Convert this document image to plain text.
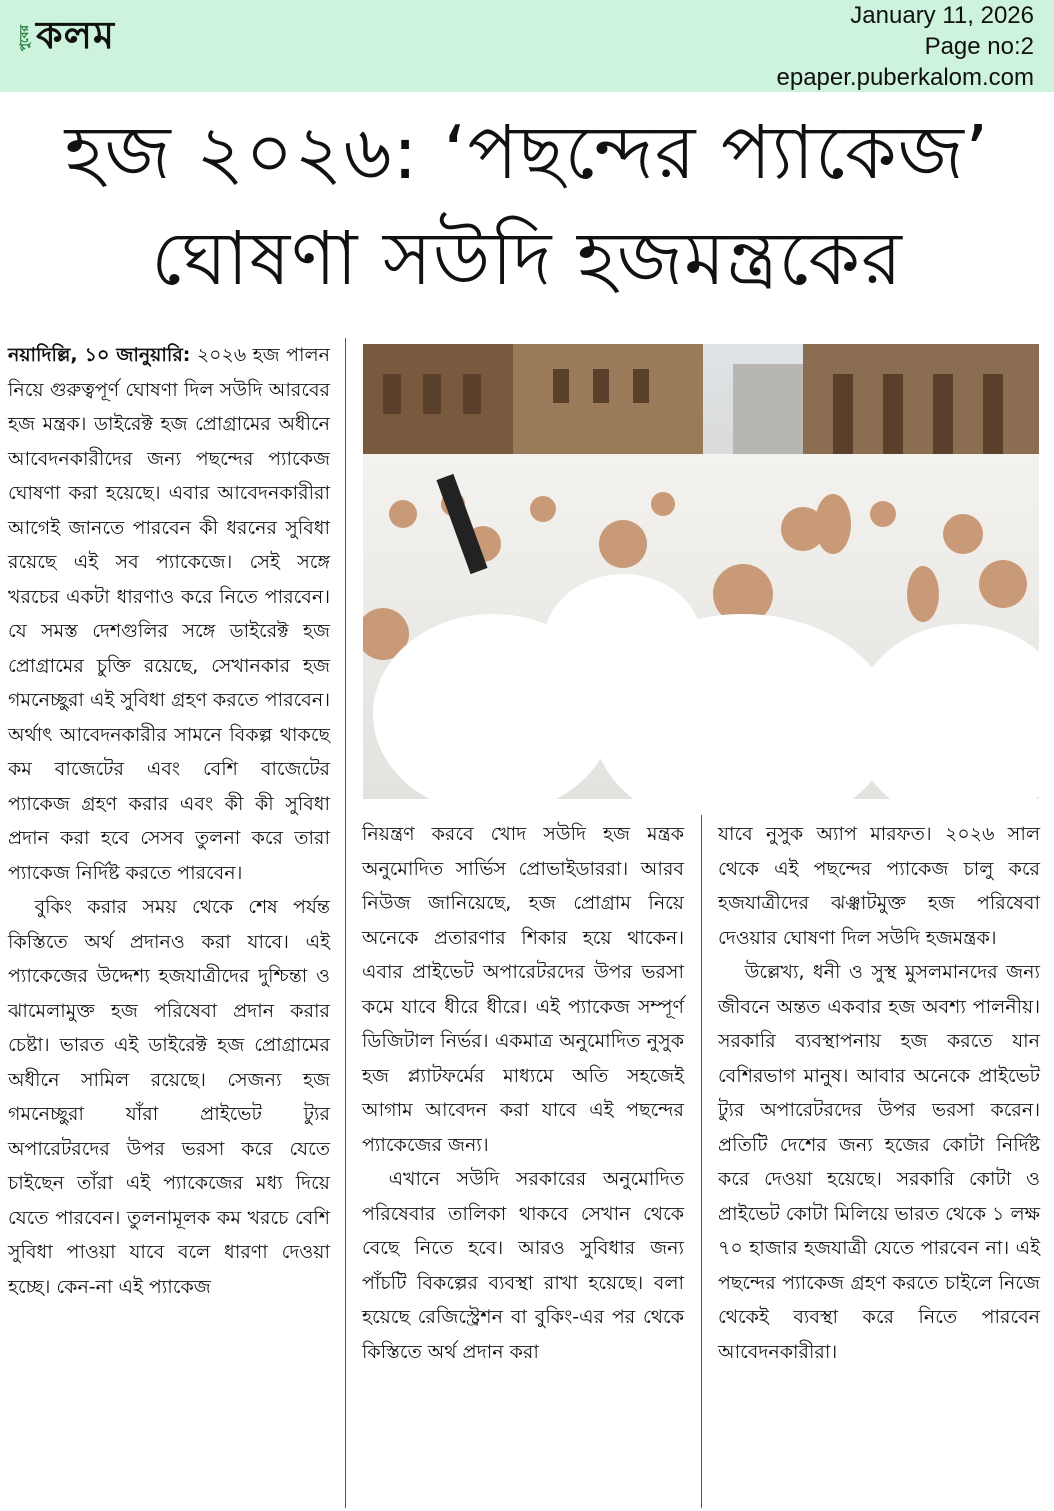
পুবের কলম	January 11, 2026
Page no:2
epaper.puberkalom.com
হজ ২০২৬: ‘পছন্দের প্যাকেজ’
ঘোষণা সউদি হজমন্ত্রকের

নয়াদিল্লি, ১০ জানুয়ারি: ২০২৬ হজ পালন নিয়ে গুরুত্বপূর্ণ ঘোষণা দিল সউদি আরবের হজ মন্ত্রক। ডাইরেক্ট হজ প্রোগ্রামের অধীনে আবেদনকারীদের জন্য পছন্দের প্যাকেজ ঘোষণা করা হয়েছে। এবার আবেদনকারীরা আগেই জানতে পারবেন কী ধরনের সুবিধা রয়েছে এই সব প্যাকেজে। সেই সঙ্গে খরচের একটা ধারণাও করে নিতে পারবেন। যে সমস্ত দেশগুলির সঙ্গে ডাইরেক্ট হজ প্রোগ্রামের চুক্তি রয়েছে, সেখানকার হজ গমনেচ্ছুরা এই সুবিধা গ্রহণ করতে পারবেন। অর্থাৎ আবেদনকারীর সামনে বিকল্প থাকছে কম বাজেটের এবং বেশি বাজেটের প্যাকেজ গ্রহণ করার এবং কী কী সুবিধা প্রদান করা হবে সেসব তুলনা করে তারা প্যাকেজ নির্দিষ্ট করতে পারবেন।

বুকিং করার সময় থেকে শেষ পর্যন্ত কিস্তিতে অর্থ প্রদানও করা যাবে। এই প্যাকেজের উদ্দেশ্য হজযাত্রীদের দুশ্চিন্তা ও ঝামেলামুক্ত হজ পরিষেবা প্রদান করার চেষ্টা। ভারত এই ডাইরেক্ট হজ প্রোগ্রামের অধীনে সামিল রয়েছে। সেজন্য হজ গমনেচ্ছুরা যাঁরা প্রাইভেট ট্যুর অপারেটরদের উপর ভরসা করে যেতে চাইছেন তাঁরা এই প্যাকেজের মধ্য দিয়ে যেতে পারবেন। তুলনামূলক কম খরচে বেশি সুবিধা পাওয়া যাবে বলে ধারণা দেওয়া হচ্ছে। কেন-না এই প্যাকেজ

নিয়ন্ত্রণ করবে খোদ সউদি হজ মন্ত্রক অনুমোদিত সার্ভিস প্রোভাইডাররা। আরব নিউজ জানিয়েছে, হজ প্রোগ্রাম নিয়ে অনেকে প্রতারণার শিকার হয়ে থাকেন। এবার প্রাইভেট অপারেটরদের উপর ভরসা কমে যাবে ধীরে ধীরে। এই প্যাকেজ সম্পূর্ণ ডিজিটাল নির্ভর। একমাত্র অনুমোদিত নুসুক হজ প্ল্যাটফর্মের মাধ্যমে অতি সহজেই আগাম আবেদন করা যাবে এই পছন্দের প্যাকেজের জন্য।

এখানে সউদি সরকারের অনুমোদিত পরিষেবার তালিকা থাকবে সেখান থেকে বেছে নিতে হবে। আরও সুবিধার জন্য পাঁচটি বিকল্পের ব্যবস্থা রাখা হয়েছে। বলা হয়েছে রেজিস্ট্রেশন বা বুকিং-এর পর থেকে কিস্তিতে অর্থ প্রদান করা

যাবে নুসুক অ্যাপ মারফত। ২০২৬ সাল থেকে এই পছন্দের প্যাকেজ চালু করে হজযাত্রীদের ঝঞ্ঝাটমুক্ত হজ পরিষেবা দেওয়ার ঘোষণা দিল সউদি হজমন্ত্রক।

উল্লেখ্য, ধনী ও সুস্থ মুসলমানদের জন্য জীবনে অন্তত একবার হজ অবশ্য পালনীয়। সরকারি ব্যবস্থাপনায় হজ করতে যান বেশিরভাগ মানুষ। আবার অনেকে প্রাইভেট ট্যুর অপারেটরদের উপর ভরসা করেন। প্রতিটি দেশের জন্য হজের কোটা নির্দিষ্ট করে দেওয়া হয়েছে। সরকারি কোটা ও প্রাইভেট কোটা মিলিয়ে ভারত থেকে ১ লক্ষ ৭০ হাজার হজযাত্রী যেতে পারবেন না। এই পছন্দের প্যাকেজ গ্রহণ করতে চাইলে নিজে থেকেই ব্যবস্থা করে নিতে পারবেন আবেদনকারীরা।
